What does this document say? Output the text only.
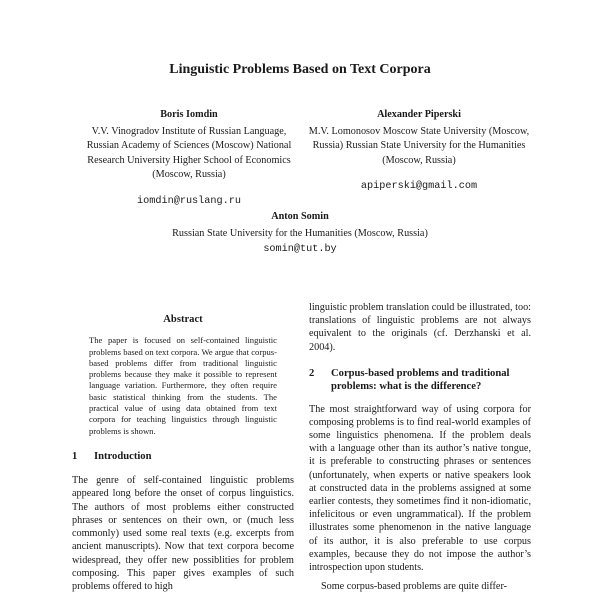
Linguistic Problems Based on Text Corpora
Boris Iomdin
V.V. Vinogradov Institute of Russian Language, Russian Academy of Sciences (Moscow) National Research University Higher School of Economics (Moscow, Russia)
iomdin@ruslang.ru
Alexander Piperski
M.V. Lomonosov Moscow State University (Moscow, Russia) Russian State University for the Humanities (Moscow, Russia)
apiperski@gmail.com
Anton Somin
Russian State University for the Humanities (Moscow, Russia)
somin@tut.by
Abstract
The paper is focused on self-contained linguistic problems based on text corpora. We argue that corpus-based problems differ from traditional linguistic problems because they make it possible to represent language variation. Furthermore, they often require basic statistical thinking from the students. The practical value of using data obtained from text corpora for teaching linguistics through linguistic problems is shown.
1	Introduction

The genre of self-contained linguistic problems appeared long before the onset of corpus linguistics. The authors of most problems either constructed phrases or sentences on their own, or (much less commonly) used some real texts (e.g. excerpts from ancient manuscripts). Now that text corpora become widespread, they offer new possiblities for problem composing. This paper gives examples of such problems offered to high

linguistic problem translation could be illustrated, too: translations of linguistic problems are not always equivalent to the originals (cf. Derzhanski et al. 2004).

2	Corpus-based problems and traditional problems: what is the difference?

The most straightforward way of using corpora for composing problems is to find real-world examples of some linguistics phenomena. If the problem deals with a language other than its author’s native tongue, it is preferable to constructing phrases or sentences (unfortunately, when experts or native speakers look at constructed data in the problems assigned at some earlier contests, they sometimes find it non-idiomatic, infelicitous or even ungrammatical). If the problem illustrates some phenomenon in the native language of its author, it is also preferable to use corpus examples, because they do not impose the author’s introspection upon students.

Some corpus-based problems are quite differ-
